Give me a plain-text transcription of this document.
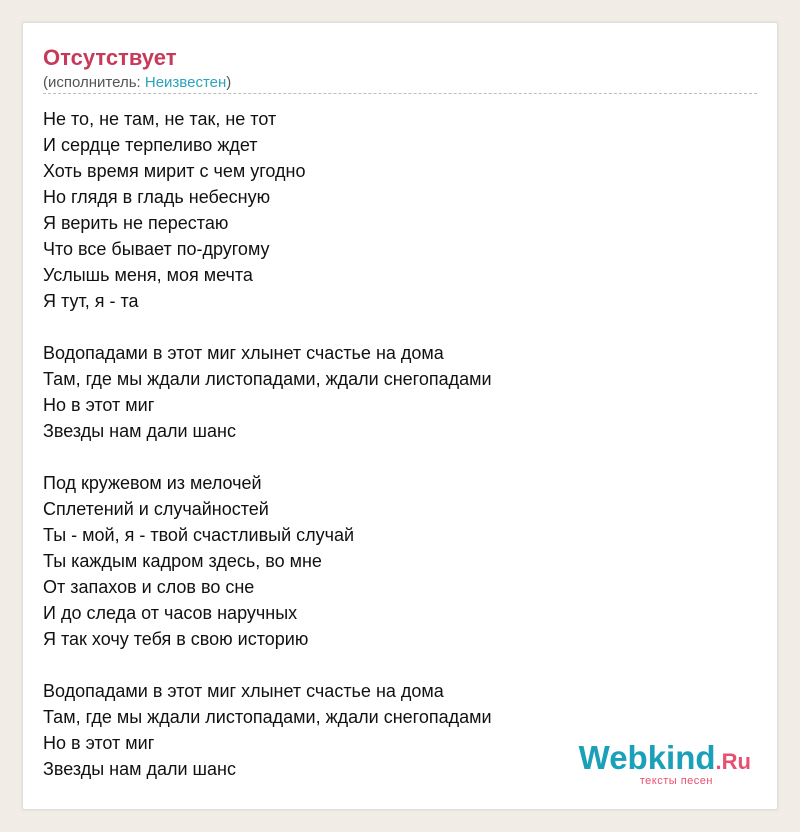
Отсутствует
(исполнитель: Неизвестен)
Не то, не там, не так, не тот
И сердце терпеливо ждет
Хоть время мирит с чем угодно
Но глядя в гладь небесную
Я верить не перестаю
Что все бывает по-другому
Услышь меня, моя мечта
Я тут, я - та
Водопадами в этот миг хлынет счастье на дома
Там, где мы ждали листопадами, ждали снегопадами
Но в этот миг
Звезды нам дали шанс
Под кружевом из мелочей
Сплетений и случайностей
Ты - мой, я - твой счастливый случай
Ты каждым кадром здесь, во мне
От запахов и слов во сне
И до следа от часов наручных
Я так хочу тебя в свою историю
Водопадами в этот миг хлынет счастье на дома
Там, где мы ждали листопадами, ждали снегопадами
Но в этот миг
Звезды нам дали шанс	Webkind.Ru
тексты песен
